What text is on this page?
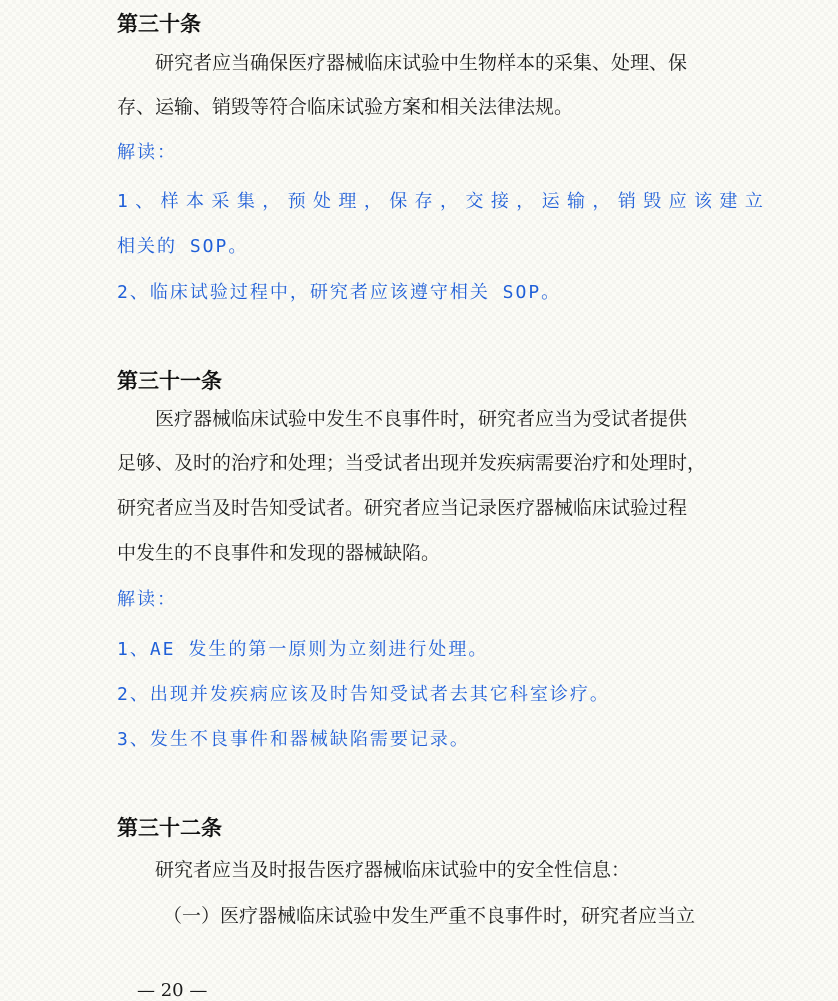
第三十条
研究者应当确保医疗器械临床试验中生物样本的采集、处理、保
存、运输、销毁等符合临床试验方案和相关法律法规。
解读：
1、样本采集，预处理，保存，交接，运输，销毁应该建立
相关的 SOP。
2、临床试验过程中，研究者应该遵守相关 SOP。
第三十一条
医疗器械临床试验中发生不良事件时，研究者应当为受试者提供
足够、及时的治疗和处理；当受试者出现并发疾病需要治疗和处理时，
研究者应当及时告知受试者。研究者应当记录医疗器械临床试验过程
中发生的不良事件和发现的器械缺陷。
解读：
1、AE 发生的第一原则为立刻进行处理。
2、出现并发疾病应该及时告知受试者去其它科室诊疗。
3、发生不良事件和器械缺陷需要记录。
第三十二条
研究者应当及时报告医疗器械临床试验中的安全性信息：
（一）医疗器械临床试验中发生严重不良事件时，研究者应当立
— 20 —
